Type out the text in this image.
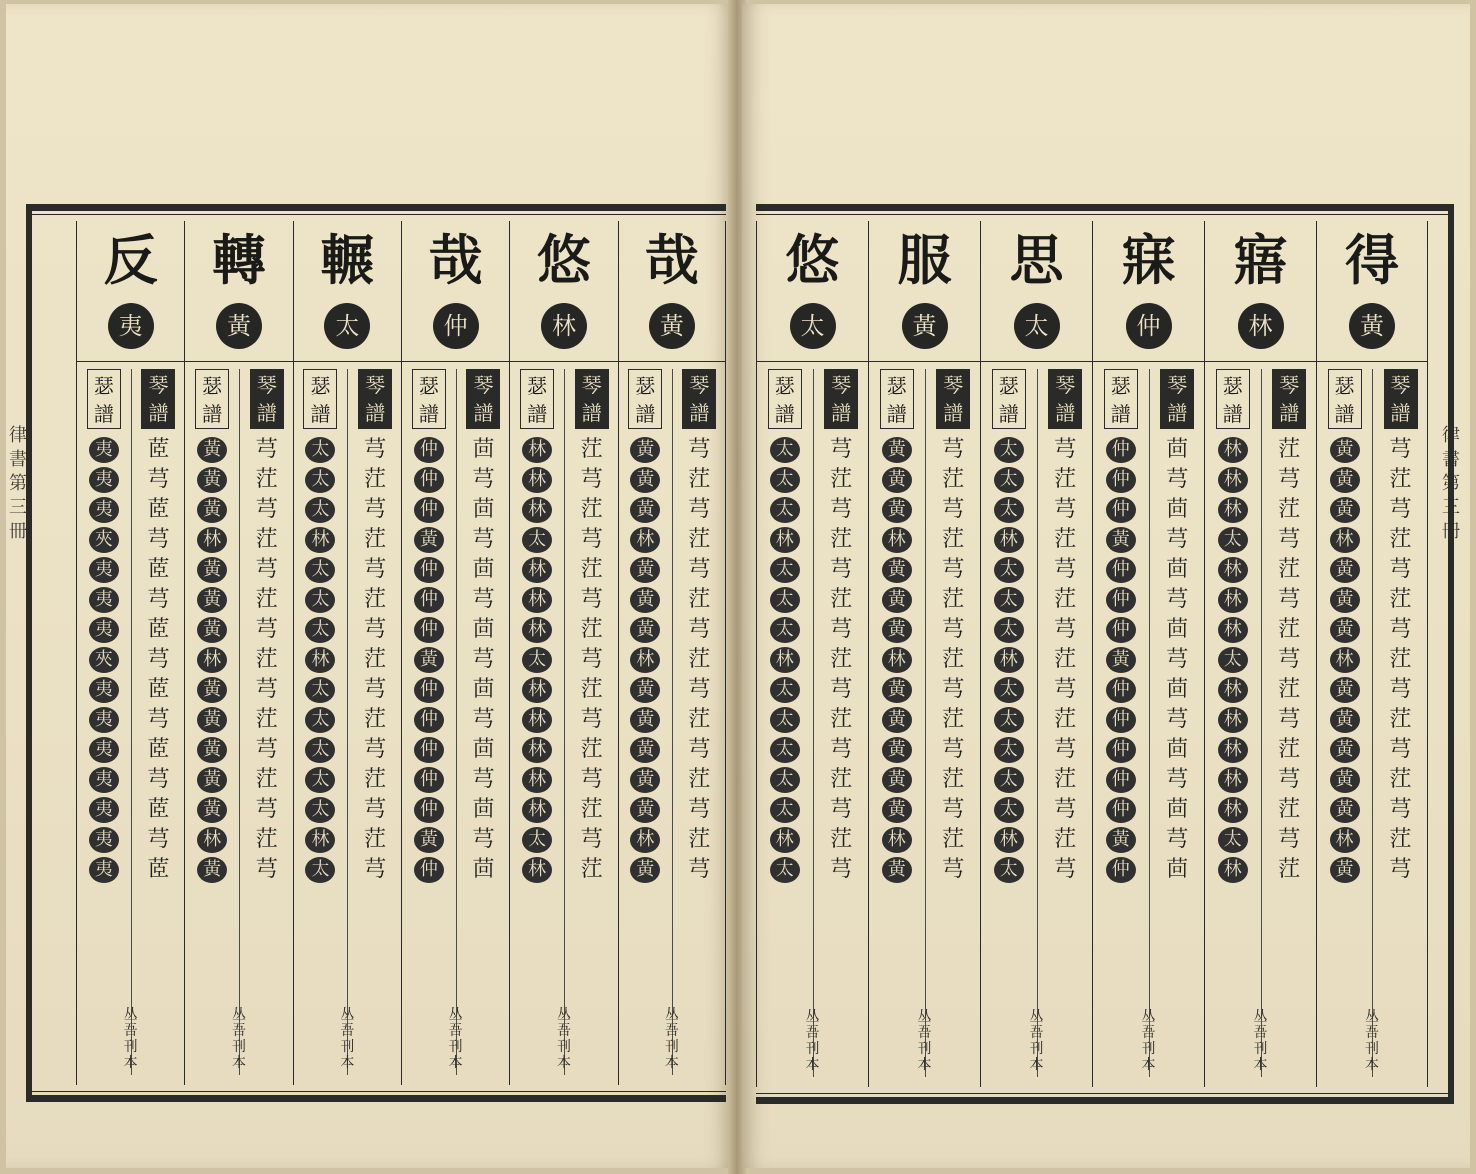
律書第三冊
反
夷
瑟譜
夷
夷
夷
夾
夷
夷
夷
夾
夷
夷
夷
夷
夷
夷
夷
琴譜
茝
芎
茝
芎
茝
芎
茝
芎
茝
芎
茝
芎
茝
芎
茝
丛吾刊本
轉
黃
瑟譜
黃
黃
黃
林
黃
黃
黃
林
黃
黃
黃
黃
黃
林
黃
琴譜
芎
茳
芎
茳
芎
茳
芎
茳
芎
茳
芎
茳
芎
茳
芎
丛吾刊本
輾
太
瑟譜
太
太
太
林
太
太
太
林
太
太
太
太
太
林
太
琴譜
芎
茳
芎
茳
芎
茳
芎
茳
芎
茳
芎
茳
芎
茳
芎
丛吾刊本
哉
仲
瑟譜
仲
仲
仲
黃
仲
仲
仲
黃
仲
仲
仲
仲
仲
黃
仲
琴譜
茴
芎
茴
芎
茴
芎
茴
芎
茴
芎
茴
芎
茴
芎
茴
丛吾刊本
悠
林
瑟譜
林
林
林
太
林
林
林
太
林
林
林
林
林
太
林
琴譜
茳
芎
茳
芎
茳
芎
茳
芎
茳
芎
茳
芎
茳
芎
茳
丛吾刊本
哉
黃
瑟譜
黃
黃
黃
林
黃
黃
黃
林
黃
黃
黃
黃
黃
林
黃
琴譜
芎
茳
芎
茳
芎
茳
芎
茳
芎
茳
芎
茳
芎
茳
芎
丛吾刊本
律書第三冊
悠
太
瑟譜
太
太
太
林
太
太
太
林
太
太
太
太
太
林
太
琴譜
芎
茳
芎
茳
芎
茳
芎
茳
芎
茳
芎
茳
芎
茳
芎
丛吾刊本
服
黃
瑟譜
黃
黃
黃
林
黃
黃
黃
林
黃
黃
黃
黃
黃
林
黃
琴譜
芎
茳
芎
茳
芎
茳
芎
茳
芎
茳
芎
茳
芎
茳
芎
丛吾刊本
思
太
瑟譜
太
太
太
林
太
太
太
林
太
太
太
太
太
林
太
琴譜
芎
茳
芎
茳
芎
茳
芎
茳
芎
茳
芎
茳
芎
茳
芎
丛吾刊本
寐
仲
瑟譜
仲
仲
仲
黃
仲
仲
仲
黃
仲
仲
仲
仲
仲
黃
仲
琴譜
茴
芎
茴
芎
茴
芎
茴
芎
茴
芎
茴
芎
茴
芎
茴
丛吾刊本
寤
林
瑟譜
林
林
林
太
林
林
林
太
林
林
林
林
林
太
林
琴譜
茳
芎
茳
芎
茳
芎
茳
芎
茳
芎
茳
芎
茳
芎
茳
丛吾刊本
得
黃
瑟譜
黃
黃
黃
林
黃
黃
黃
林
黃
黃
黃
黃
黃
林
黃
琴譜
芎
茳
芎
茳
芎
茳
芎
茳
芎
茳
芎
茳
芎
茳
芎
丛吾刊本
